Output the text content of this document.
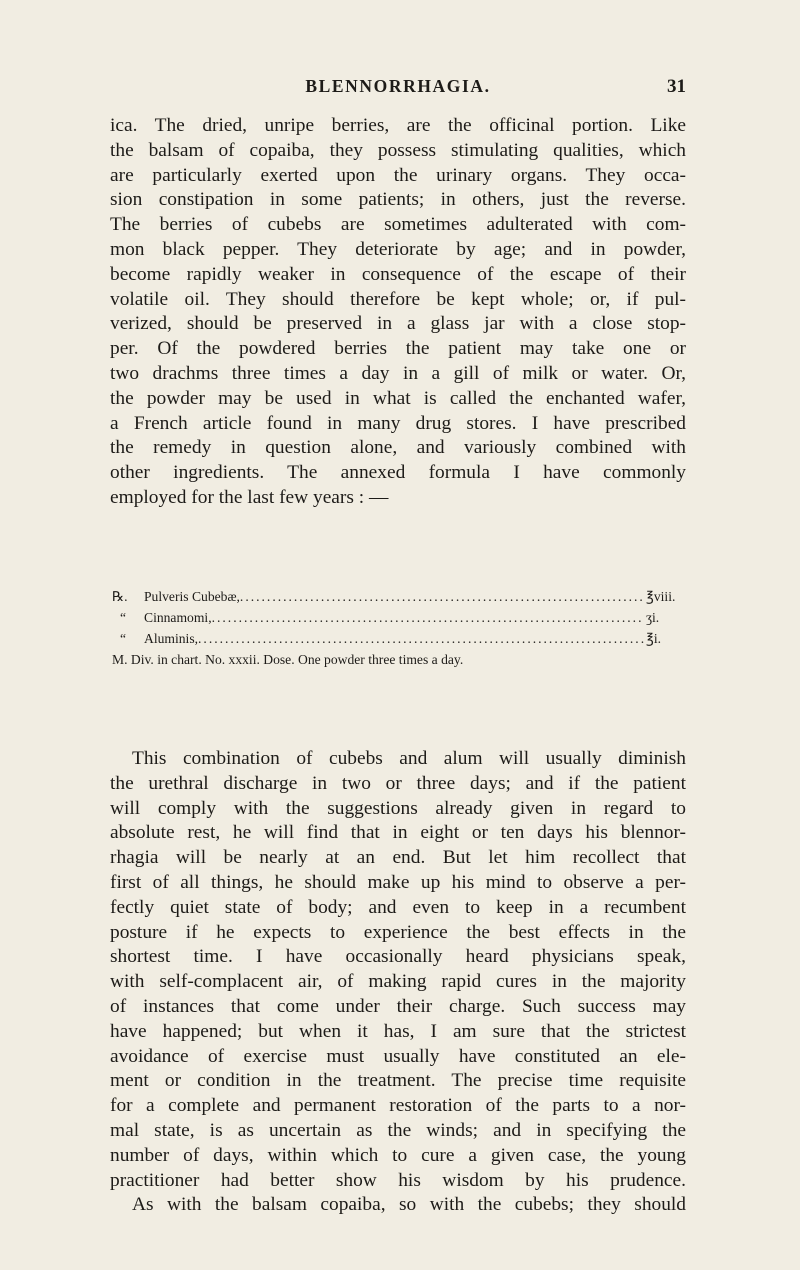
BLENNORRHAGIA.	31
ica. The dried, unripe berries, are the officinal portion. Like
the balsam of copaiba, they possess stimulating qualities, which
are particularly exerted upon the urinary organs. They occa-
sion constipation in some patients; in others, just the reverse.
The berries of cubebs are sometimes adulterated with com-
mon black pepper. They deteriorate by age; and in powder,
become rapidly weaker in consequence of the escape of their
volatile oil. They should therefore be kept whole; or, if pul-
verized, should be preserved in a glass jar with a close stop-
per. Of the powdered berries the patient may take one or
two drachms three times a day in a gill of milk or water. Or,
the powder may be used in what is called the enchanted wafer,
a French article found in many drug stores. I have prescribed
the remedy in question alone, and variously combined with
other ingredients. The annexed formula I have commonly
employed for the last few years : —
℞.	Pulveris Cubebæ, .....	℥viii.
“	Cinnamomi, .....	ʒi.
“	Aluminis, .....	℥i.
M. Div. in chart. No. xxxii. Dose. One powder three times a day.
This combination of cubebs and alum will usually diminish
the urethral discharge in two or three days; and if the patient
will comply with the suggestions already given in regard to
absolute rest, he will find that in eight or ten days his blennor-
rhagia will be nearly at an end. But let him recollect that
first of all things, he should make up his mind to observe a per-
fectly quiet state of body; and even to keep in a recumbent
posture if he expects to experience the best effects in the
shortest time. I have occasionally heard physicians speak,
with self-complacent air, of making rapid cures in the majority
of instances that come under their charge. Such success may
have happened; but when it has, I am sure that the strictest
avoidance of exercise must usually have constituted an ele-
ment or condition in the treatment. The precise time requisite
for a complete and permanent restoration of the parts to a nor-
mal state, is as uncertain as the winds; and in specifying the
number of days, within which to cure a given case, the young
practitioner had better show his wisdom by his prudence.
As with the balsam copaiba, so with the cubebs; they should
